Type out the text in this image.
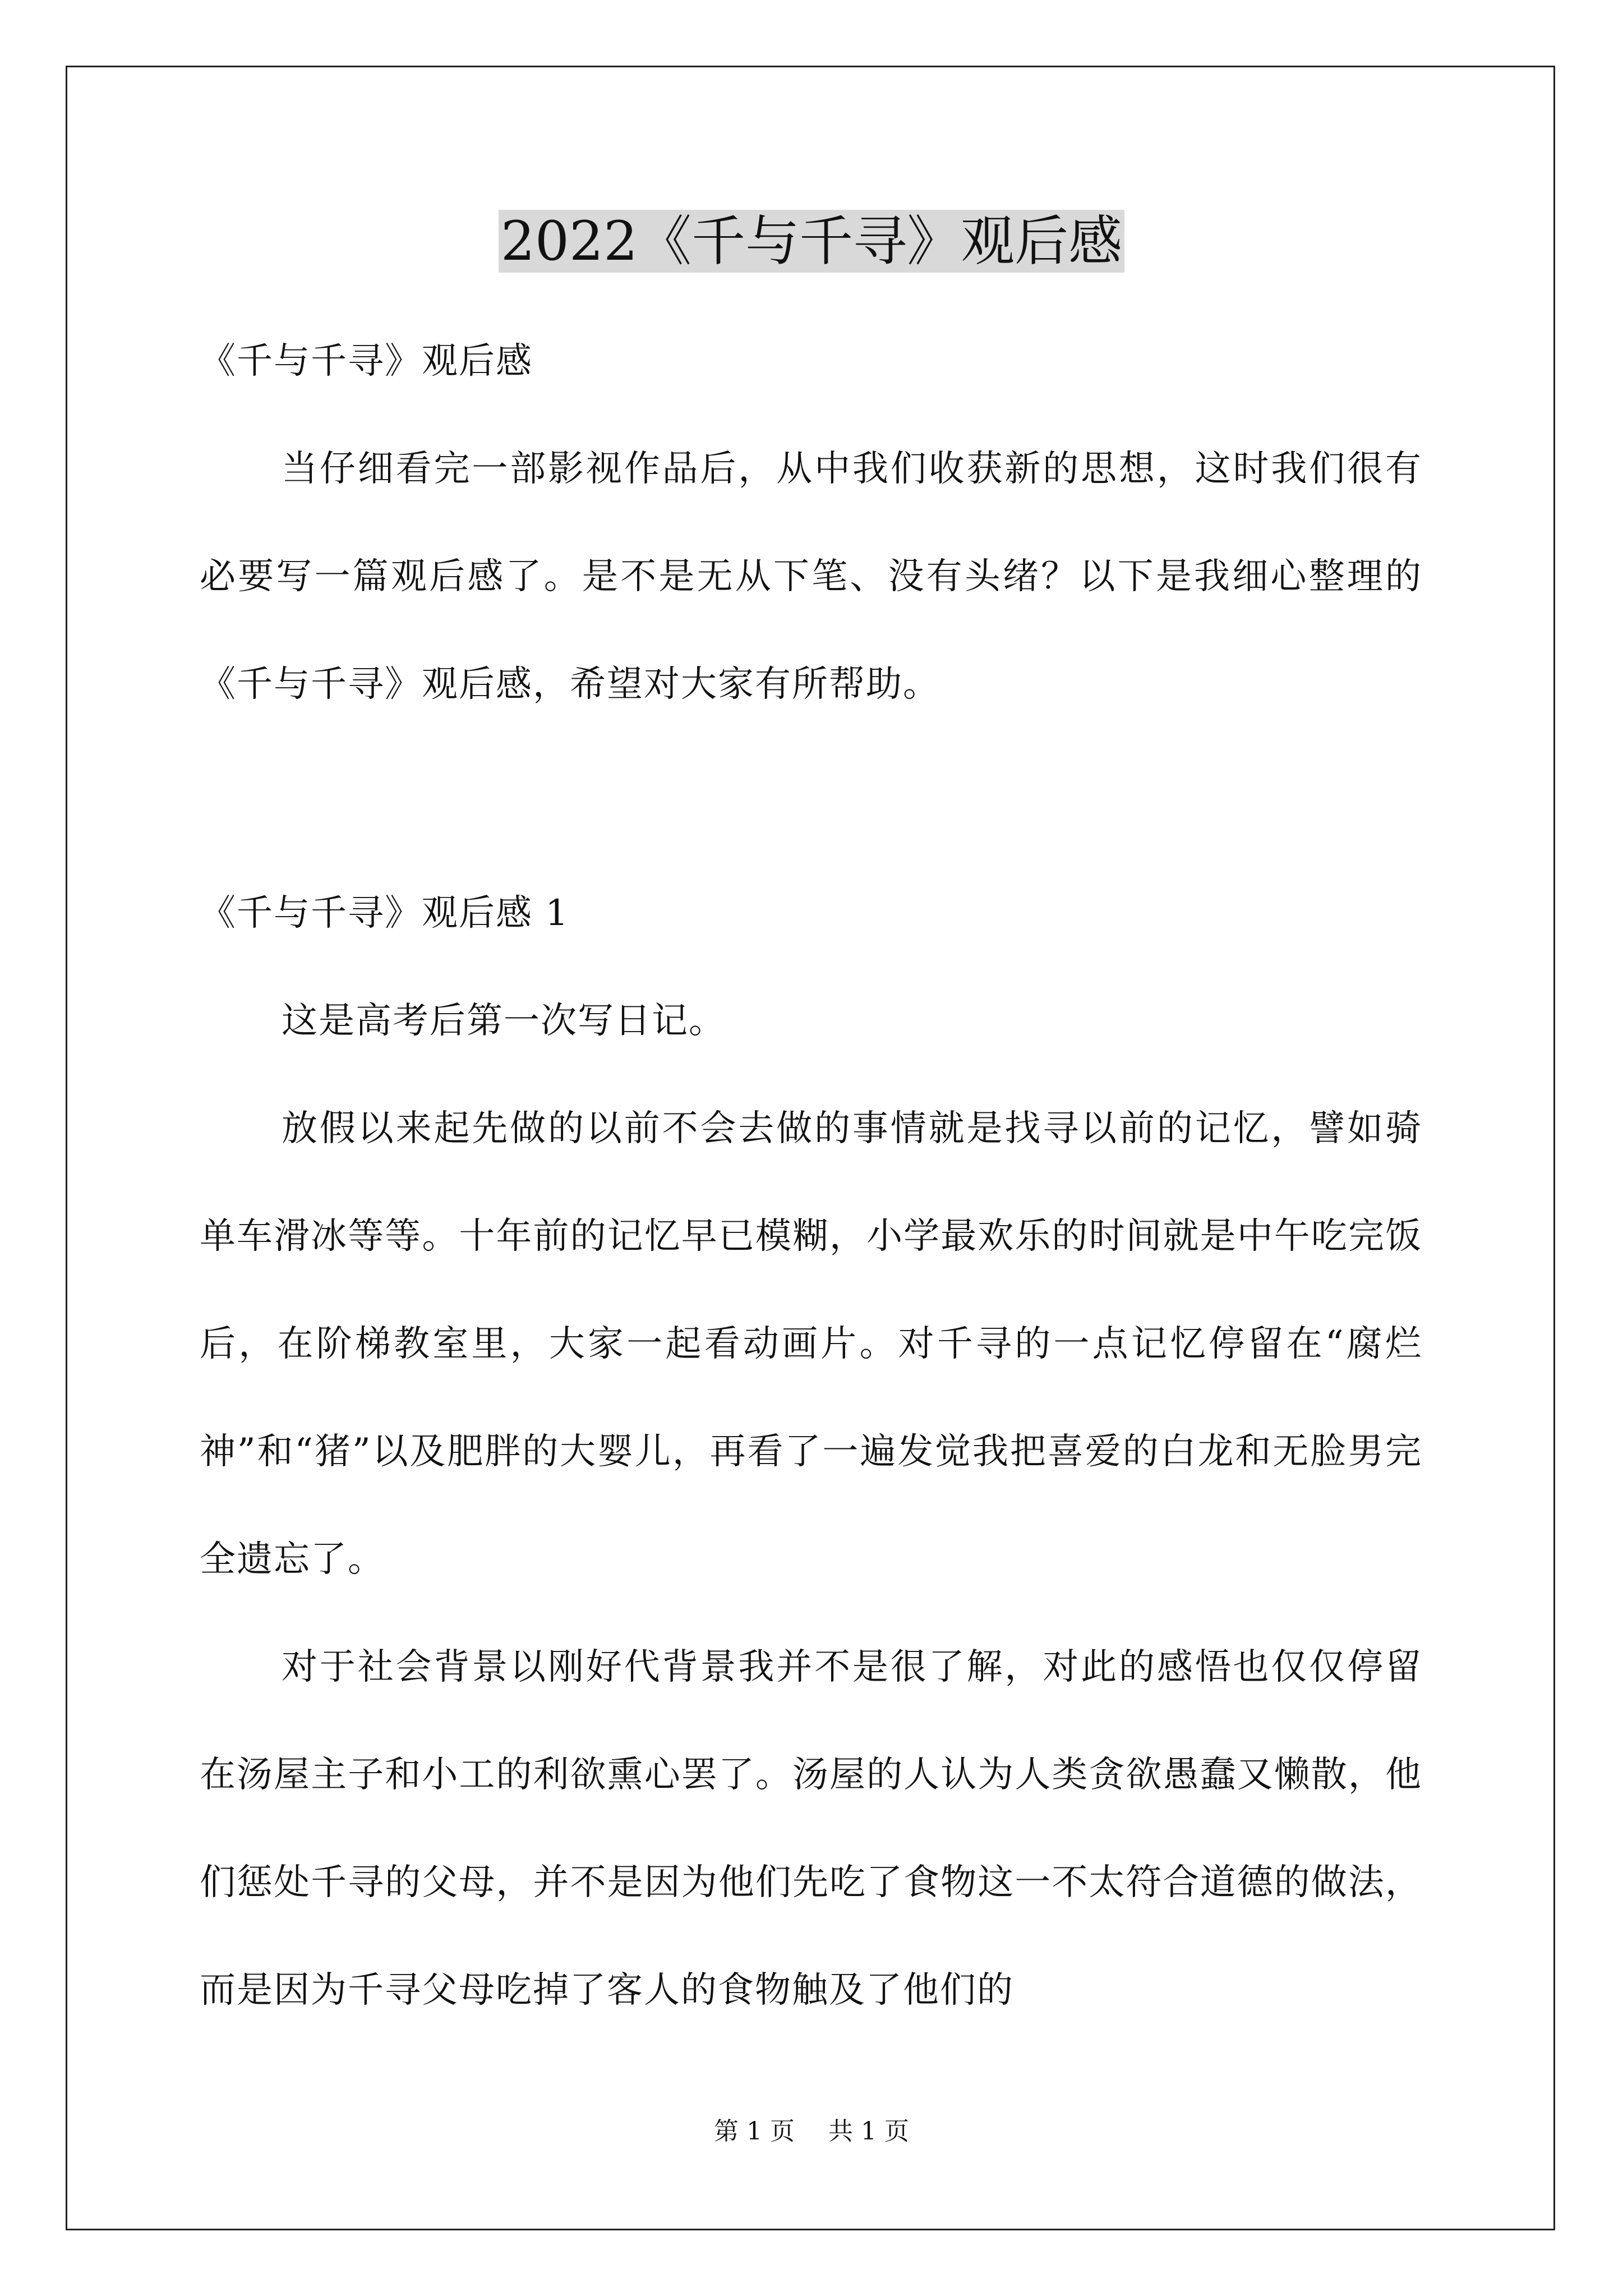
2022《千与千寻》观后感
《千与千寻》观后感

当仔细看完一部影视作品后，从中我们收获新的思想，这时我们很有必要写一篇观后感了。是不是无从下笔、没有头绪？以下是我细心整理的《千与千寻》观后感，希望对大家有所帮助。

《千与千寻》观后感 1

这是高考后第一次写日记。

放假以来起先做的以前不会去做的事情就是找寻以前的记忆，譬如骑单车滑冰等等。十年前的记忆早已模糊，小学最欢乐的时间就是中午吃完饭后，在阶梯教室里，大家一起看动画片。对千寻的一点记忆停留在“腐烂神”和“猪”以及肥胖的大婴儿，再看了一遍发觉我把喜爱的白龙和无脸男完全遗忘了。

对于社会背景以刚好代背景我并不是很了解，对此的感悟也仅仅停留在汤屋主子和小工的利欲熏心罢了。汤屋的人认为人类贪欲愚蠢又懒散，他们惩处千寻的父母，并不是因为他们先吃了食物这一不太符合道德的做法，而是因为千寻父母吃掉了客人的食物触及了他们的

第 1 页 共 1 页
